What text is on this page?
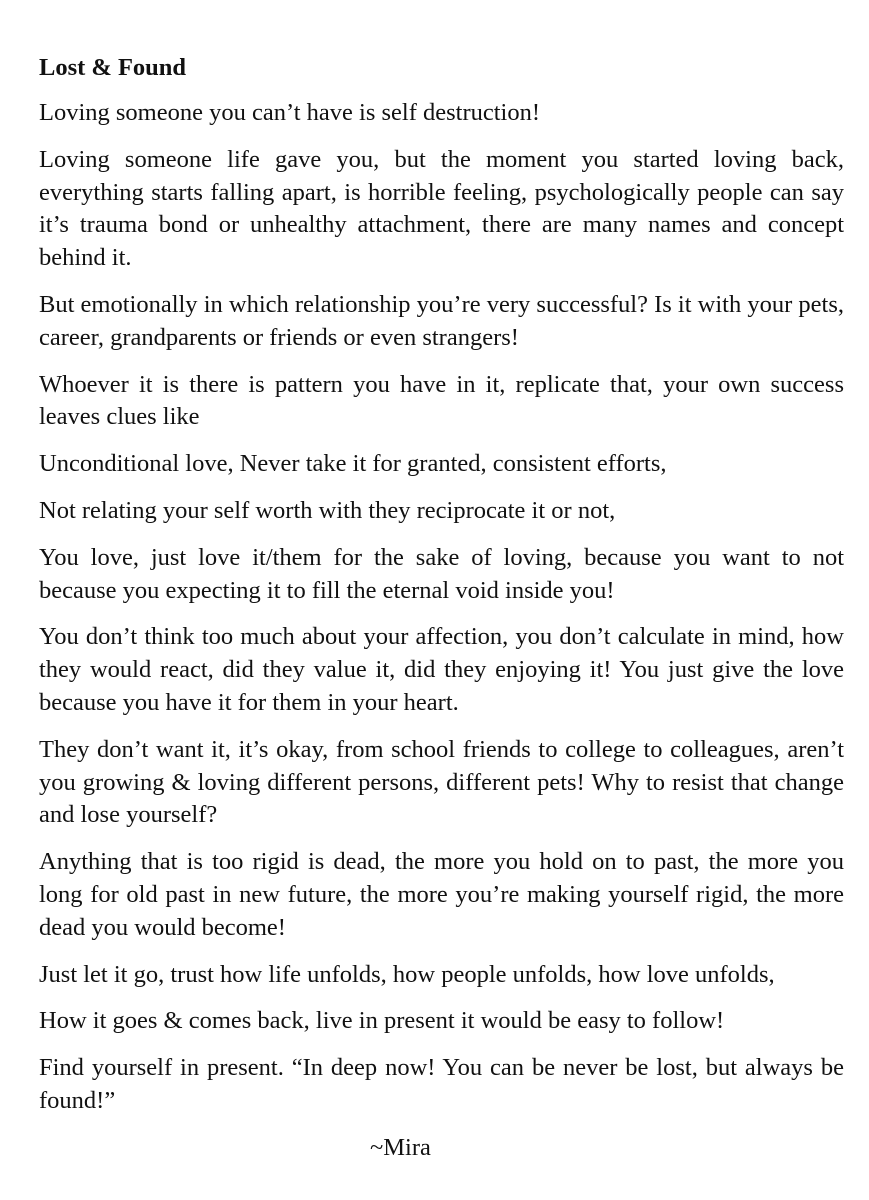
Lost & Found

Loving someone you can’t have is self destruction!

Loving someone life gave you, but the moment you started loving back, everything starts falling apart, is horrible feeling, psychologically people can say it’s trauma bond or unhealthy attachment, there are many names and concept behind it.

But emotionally in which relationship you’re very successful? Is it with your pets, career, grandparents or friends or even strangers!

Whoever it is there is pattern you have in it, replicate that, your own success leaves clues like

Unconditional love, Never take it for granted, consistent efforts,

Not relating your self worth with they reciprocate it or not,

You love, just love it/them for the sake of loving, because you want to not because you expecting it to fill the eternal void inside you!

You don’t think too much about your affection, you don’t calculate in mind, how they would react, did they value it, did they enjoying it! You just give the love because you have it for them in your heart.

They don’t want it, it’s okay, from school friends to college to colleagues, aren’t you growing & loving different persons, different pets! Why to resist that change and lose yourself?

Anything that is too rigid is dead, the more you hold on to past, the more you long for old past in new future, the more you’re making yourself rigid, the more dead you would become!

Just let it go, trust how life unfolds, how people unfolds, how love unfolds,

How it goes & comes back, live in present it would be easy to follow!

Find yourself in present. “In deep now! You can be never be lost, but always be found!”

~Mira
